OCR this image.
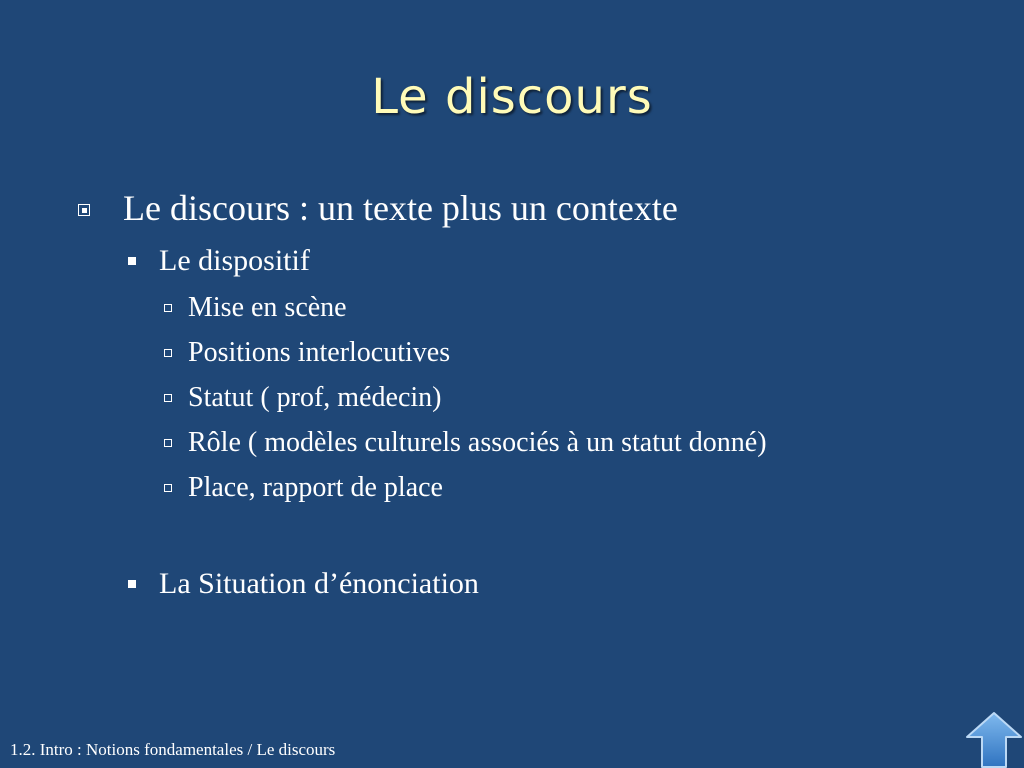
Le discours
Le discours : un texte plus un contexte
Le dispositif
Mise en scène
Positions interlocutives
Statut ( prof, médecin)
Rôle ( modèles culturels associés à un statut donné)
Place, rapport de place
La Situation d’énonciation
1.2. Intro : Notions fondamentales / Le discours
